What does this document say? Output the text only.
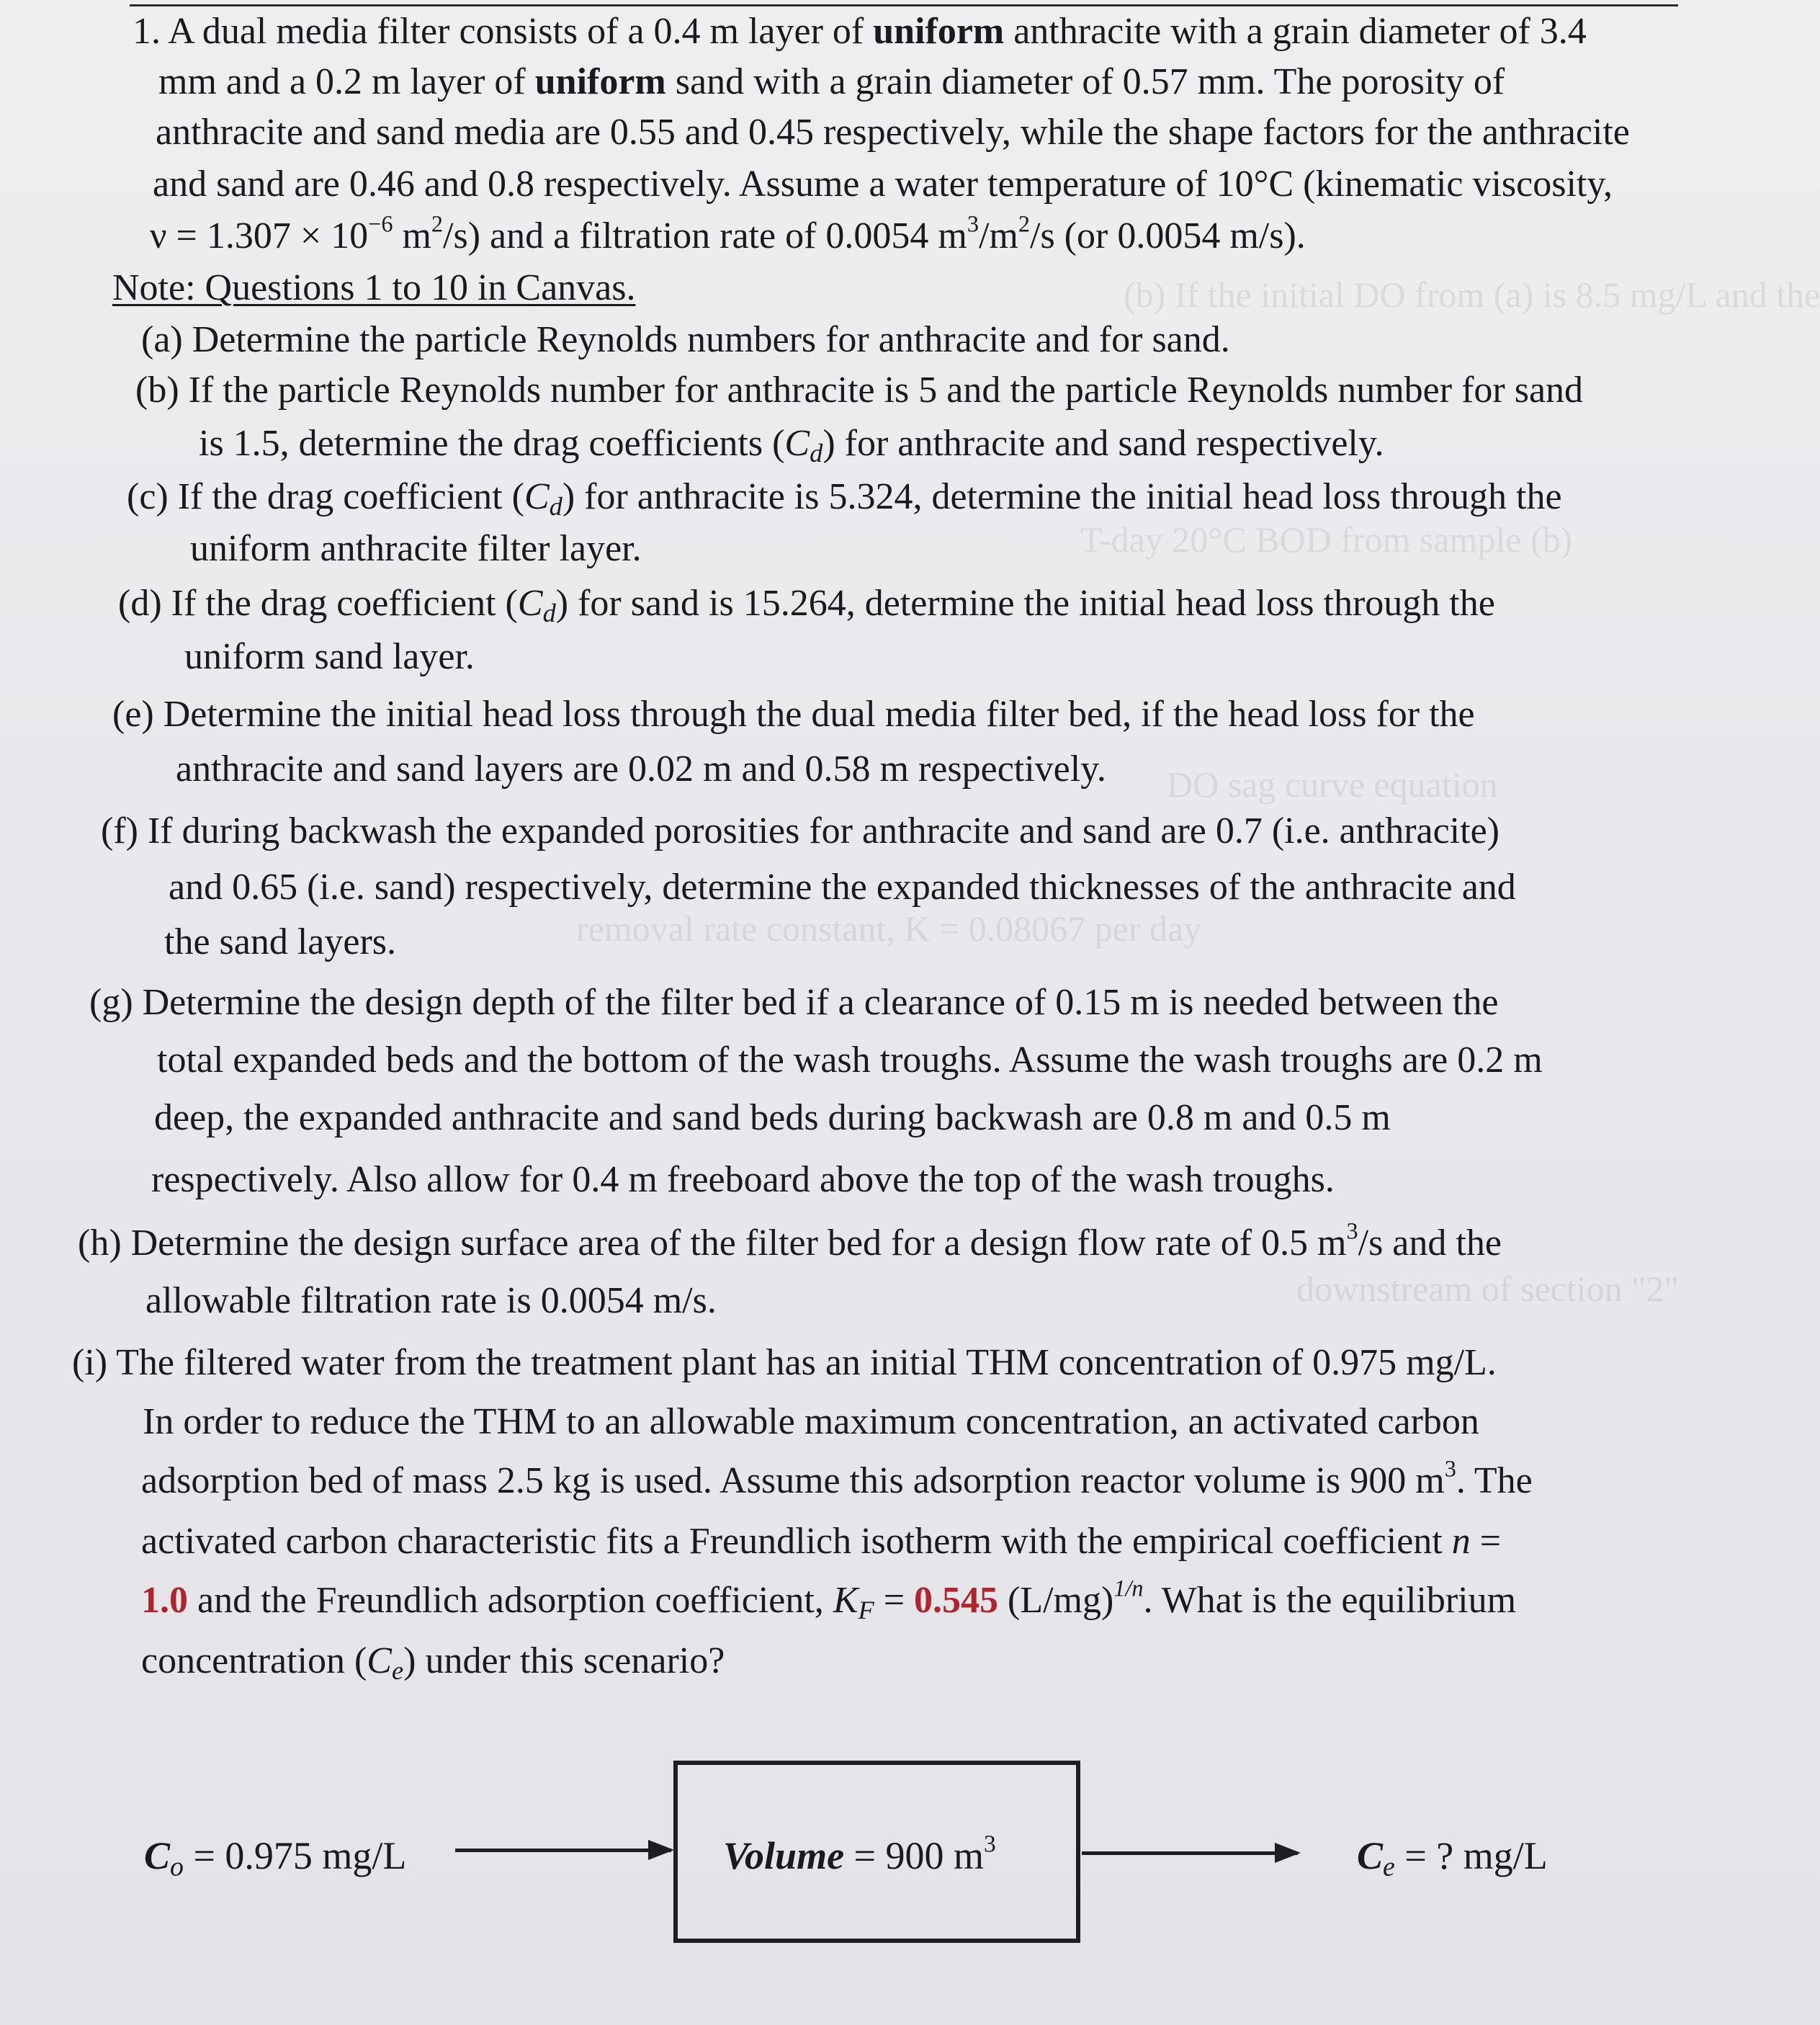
(b) If the initial DO from (a) is 8.5 mg/L and the
T-day 20°C BOD from sample (b)
DO sag curve equation
removal rate constant, K = 0.08067 per day
downstream of section "2"
1. A dual media filter consists of a 0.4 m layer of uniform anthracite with a grain diameter of 3.4
mm and a 0.2 m layer of uniform sand with a grain diameter of 0.57 mm. The porosity of
anthracite and sand media are 0.55 and 0.45 respectively, while the shape factors for the anthracite
and sand are 0.46 and 0.8 respectively. Assume a water temperature of 10°C (kinematic viscosity,
$\nu = 1.307 \times 10^{-6}$ $m^2/s$) and a filtration rate of 0.0054 $m^3/m^2/s$ (or 0.0054 m/s).
Note: Questions 1 to 10 in Canvas.
(a) Determine the particle Reynolds numbers for anthracite and for sand.
(b) If the particle Reynolds number for anthracite is 5 and the particle Reynolds number for sand
is 1.5, determine the drag coefficients $(C_d)$ for anthracite and sand respectively.
(c) If the drag coefficient $(C_d)$ for anthracite is 5.324, determine the initial head loss through the
uniform anthracite filter layer.
(d) If the drag coefficient $(C_d)$ for sand is 15.264, determine the initial head loss through the
uniform sand layer.
(e) Determine the initial head loss through the dual media filter bed, if the head loss for the
anthracite and sand layers are 0.02 m and 0.58 m respectively.
(f) If during backwash the expanded porosities for anthracite and sand are 0.7 (i.e. anthracite)
and 0.65 (i.e. sand) respectively, determine the expanded thicknesses of the anthracite and
the sand layers.
(g) Determine the design depth of the filter bed if a clearance of 0.15 m is needed between the
total expanded beds and the bottom of the wash troughs. Assume the wash troughs are 0.2 m
deep, the expanded anthracite and sand beds during backwash are 0.8 m and 0.5 m
respectively. Also allow for 0.4 m freeboard above the top of the wash troughs.
(h) Determine the design surface area of the filter bed for a design flow rate of 0.5 $m^3/s$ and the
allowable filtration rate is 0.0054 m/s.
(i) The filtered water from the treatment plant has an initial THM concentration of 0.975 mg/L.
In order to reduce the THM to an allowable maximum concentration, an activated carbon
adsorption bed of mass 2.5 kg is used. Assume this adsorption reactor volume is 900 $m^3$. The
activated carbon characteristic fits a Freundlich isotherm with the empirical coefficient n =
1.0 and the Freundlich adsorption coefficient, $K_F = 0.545$ $(L/mg)^{1/n}$. What is the equilibrium
concentration $(C_e)$ under this scenario?
$C_o = 0.975$ mg/L	Volume = 900 $m^3$	$C_e$ = ? mg/L
